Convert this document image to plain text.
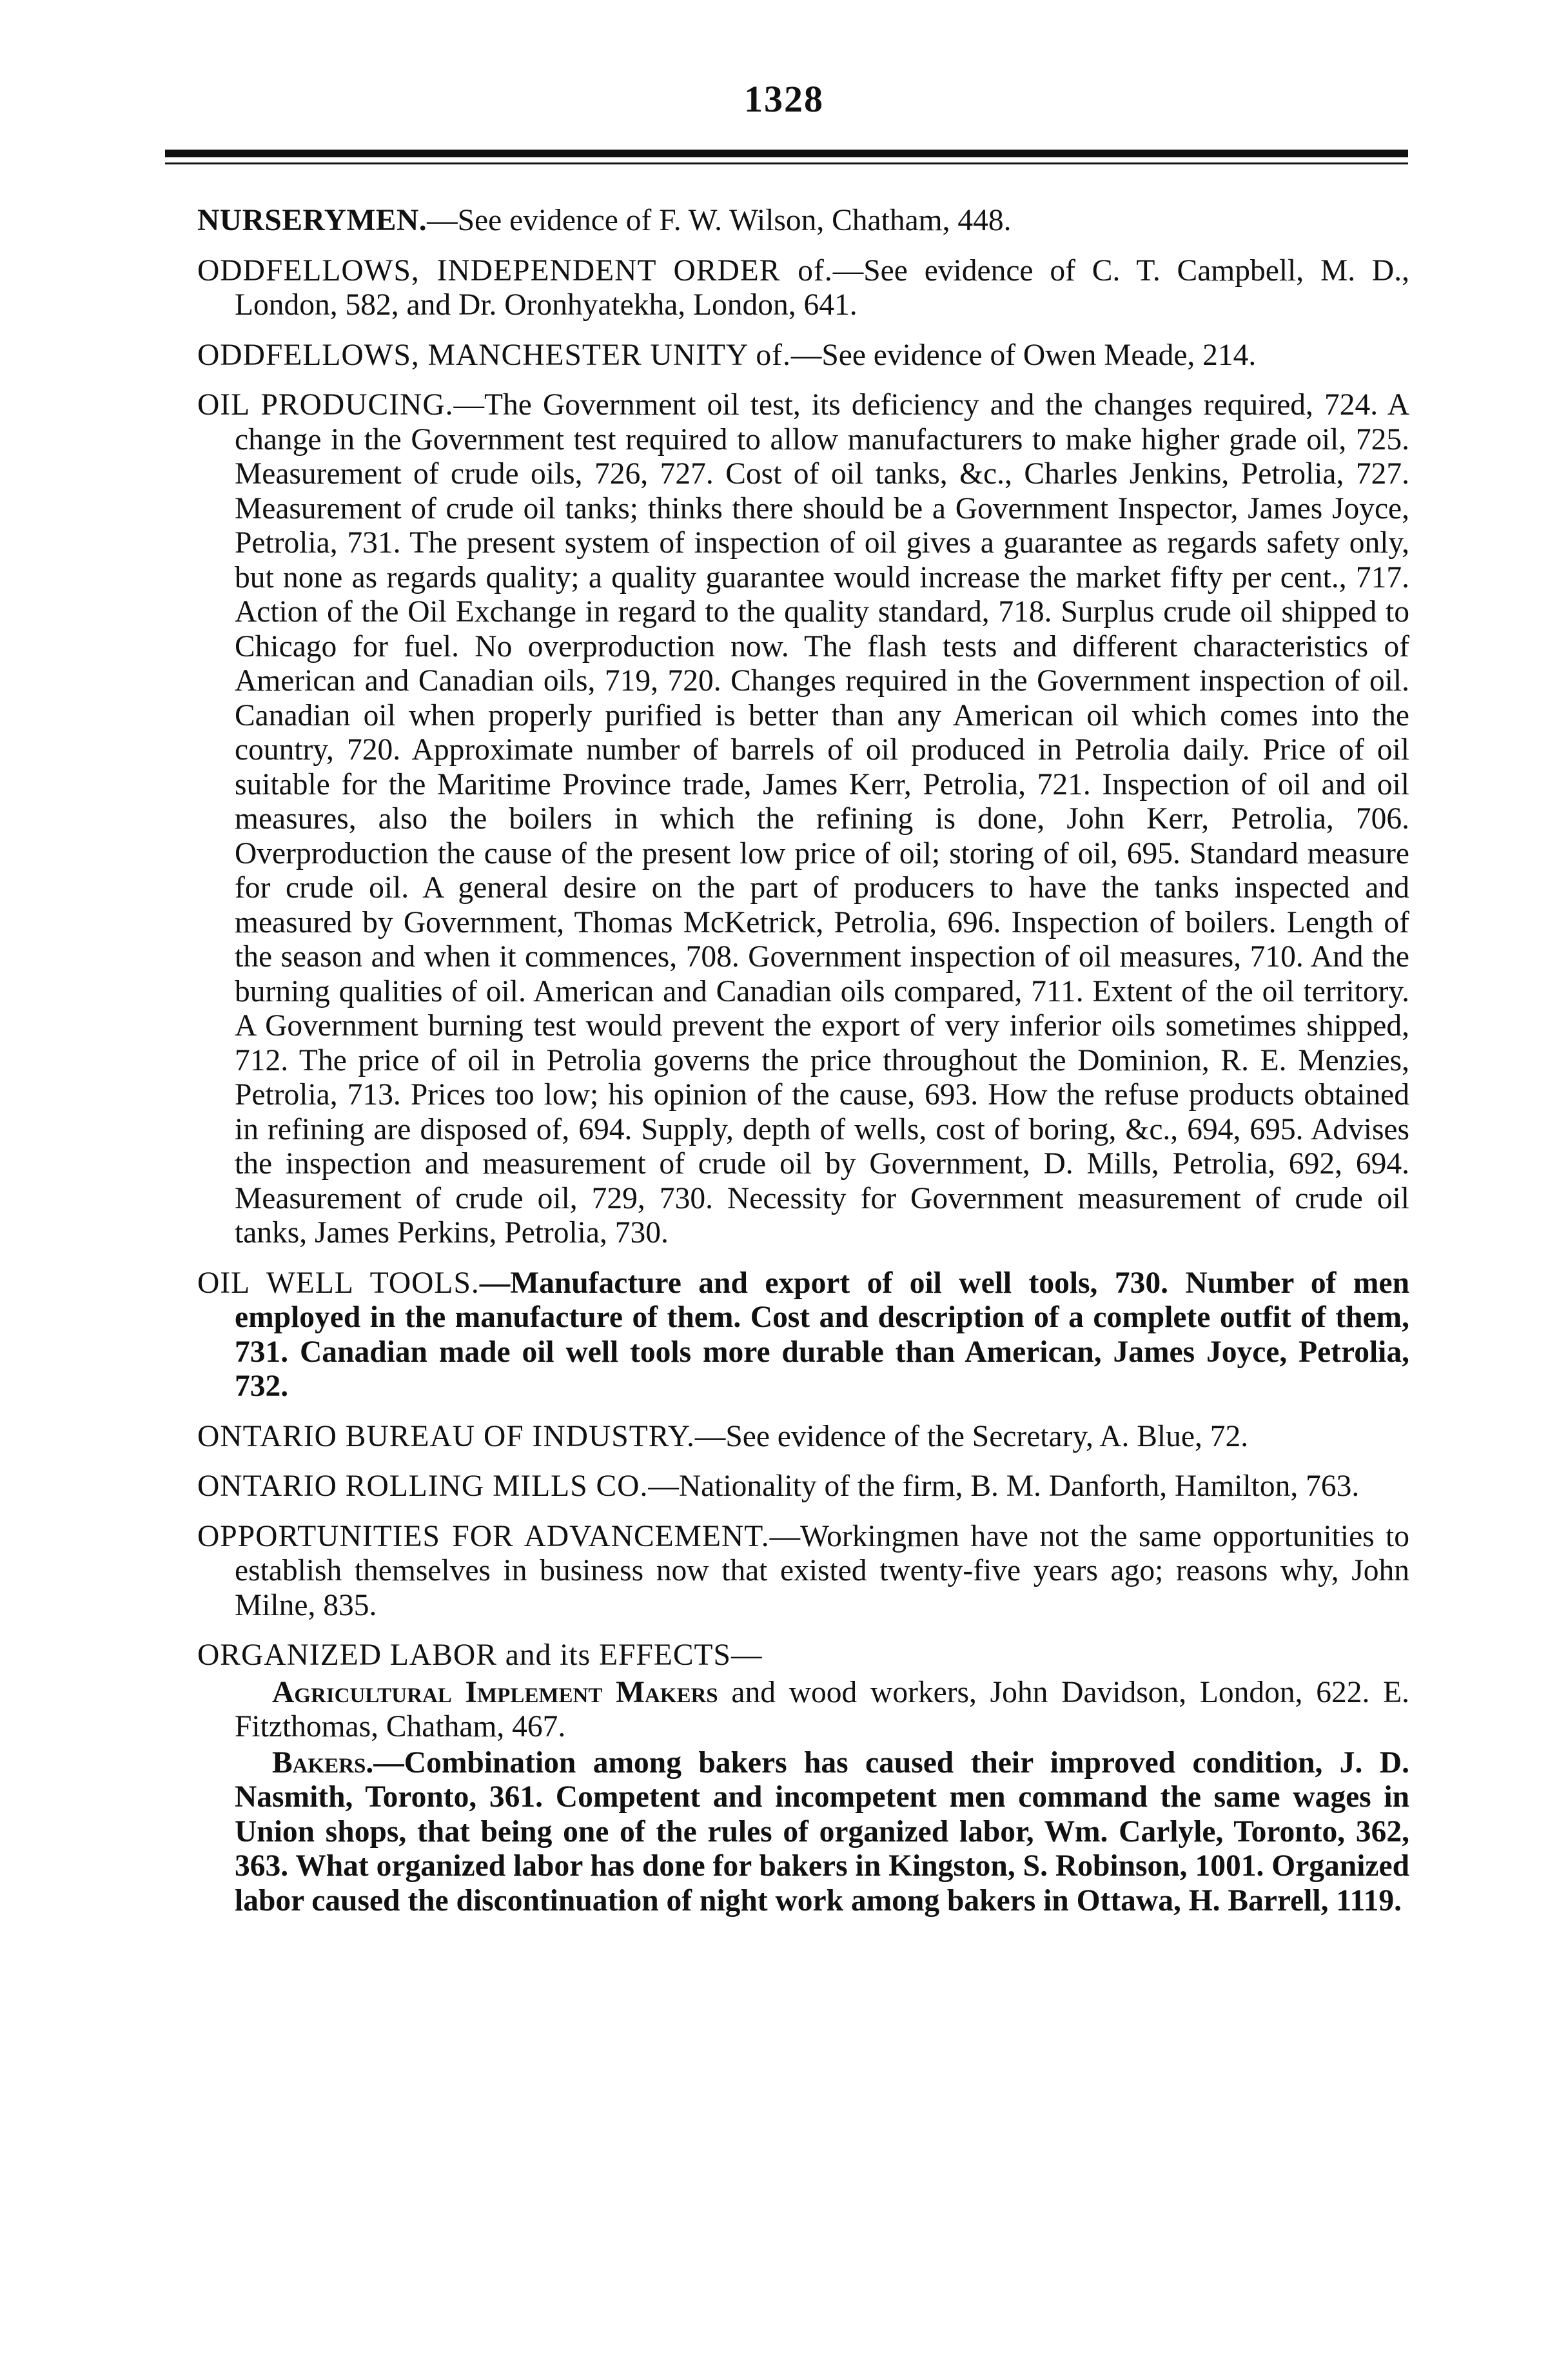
1328

NURSERYMEN.—See evidence of F. W. Wilson, Chatham, 448.

ODDFELLOWS, INDEPENDENT ORDER of.—See evidence of C. T. Campbell, M. D., London, 582, and Dr. Oronhyatekha, London, 641.

ODDFELLOWS, MANCHESTER UNITY of.—See evidence of Owen Meade, 214.

OIL PRODUCING.—The Government oil test, its deficiency and the changes required, 724. A change in the Government test required to allow manufacturers to make higher grade oil, 725. Measurement of crude oils, 726, 727. Cost of oil tanks, &c., Charles Jenkins, Petrolia, 727. Measurement of crude oil tanks; thinks there should be a Government Inspector, James Joyce, Petrolia, 731. The present system of inspection of oil gives a guarantee as regards safety only, but none as regards quality; a quality guarantee would increase the market fifty per cent., 717. Action of the Oil Exchange in regard to the quality standard, 718. Surplus crude oil shipped to Chicago for fuel. No overproduction now. The flash tests and different characteristics of American and Canadian oils, 719, 720. Changes required in the Government inspection of oil. Canadian oil when properly purified is better than any American oil which comes into the country, 720. Approximate number of barrels of oil produced in Petrolia daily. Price of oil suitable for the Maritime Province trade, James Kerr, Petrolia, 721. Inspection of oil and oil measures, also the boilers in which the refining is done, John Kerr, Petrolia, 706. Overproduction the cause of the present low price of oil; storing of oil, 695. Standard measure for crude oil. A general desire on the part of producers to have the tanks inspected and measured by Government, Thomas McKetrick, Petrolia, 696. Inspection of boilers. Length of the season and when it commences, 708. Government inspection of oil measures, 710. And the burning qualities of oil. American and Canadian oils compared, 711. Extent of the oil territory. A Government burning test would prevent the export of very inferior oils sometimes shipped, 712. The price of oil in Petrolia governs the price throughout the Dominion, R. E. Menzies, Petrolia, 713. Prices too low; his opinion of the cause, 693. How the refuse products obtained in refining are disposed of, 694. Supply, depth of wells, cost of boring, &c., 694, 695. Advises the inspection and measurement of crude oil by Government, D. Mills, Petrolia, 692, 694. Measurement of crude oil, 729, 730. Necessity for Government measurement of crude oil tanks, James Perkins, Petrolia, 730.

OIL WELL TOOLS.—Manufacture and export of oil well tools, 730. Number of men employed in the manufacture of them. Cost and description of a complete outfit of them, 731. Canadian made oil well tools more durable than American, James Joyce, Petrolia, 732.

ONTARIO BUREAU OF INDUSTRY.—See evidence of the Secretary, A. Blue, 72.

ONTARIO ROLLING MILLS CO.—Nationality of the firm, B. M. Danforth, Hamilton, 763.

OPPORTUNITIES FOR ADVANCEMENT.—Workingmen have not the same opportunities to establish themselves in business now that existed twenty-five years ago; reasons why, John Milne, 835.

ORGANIZED LABOR and its EFFECTS—

Agricultural Implement Makers and wood workers, John Davidson, London, 622. E. Fitzthomas, Chatham, 467.

Bakers.—Combination among bakers has caused their improved condition, J. D. Nasmith, Toronto, 361. Competent and incompetent men command the same wages in Union shops, that being one of the rules of organized labor, Wm. Carlyle, Toronto, 362, 363. What organized labor has done for bakers in Kingston, S. Robinson, 1001. Organized labor caused the discontinuation of night work among bakers in Ottawa, H. Barrell, 1119.
